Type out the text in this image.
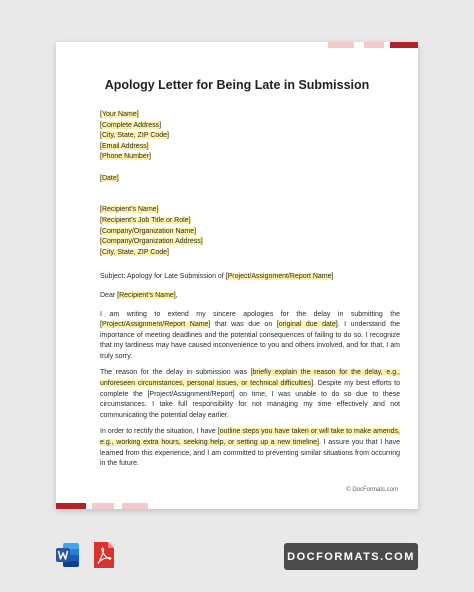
Apology Letter for Being Late in Submission
[Your Name]
[Complete Address]
[City, State, ZIP Code]
[Email Address]
[Phone Number]
[Date]
[Recipient’s Name]
[Recipient’s Job Title or Role]
[Company/Organization Name]
[Company/Organization Address]
[City, State, ZIP Code]
Subject: Apology for Late Submission of [Project/Assignment/Report Name]
Dear [Recipient’s Name],

I am writing to extend my sincere apologies for the delay in submitting the [Project/Assignment/Report Name] that was due on [original due date]. I understand the importance of meeting deadlines and the potential consequences of failing to do so. I recognize that my tardiness may have caused inconvenience to you and others involved, and for that, I am truly sorry.

The reason for the delay in submission was [briefly explain the reason for the delay, e.g., unforeseen circumstances, personal issues, or technical difficulties]. Despite my best efforts to complete the [Project/Assignment/Report] on time, I was unable to do so due to these circumstances. I take full responsibility for not managing my time effectively and not communicating the potential delay earlier.

In order to rectify the situation, I have [outline steps you have taken or will take to make amends, e.g., working extra hours, seeking help, or setting up a new timeline]. I assure you that I have learned from this experience, and I am committed to preventing similar situations from occurring in the future.

© DocFormats.com
DOCFORMATS.COM
